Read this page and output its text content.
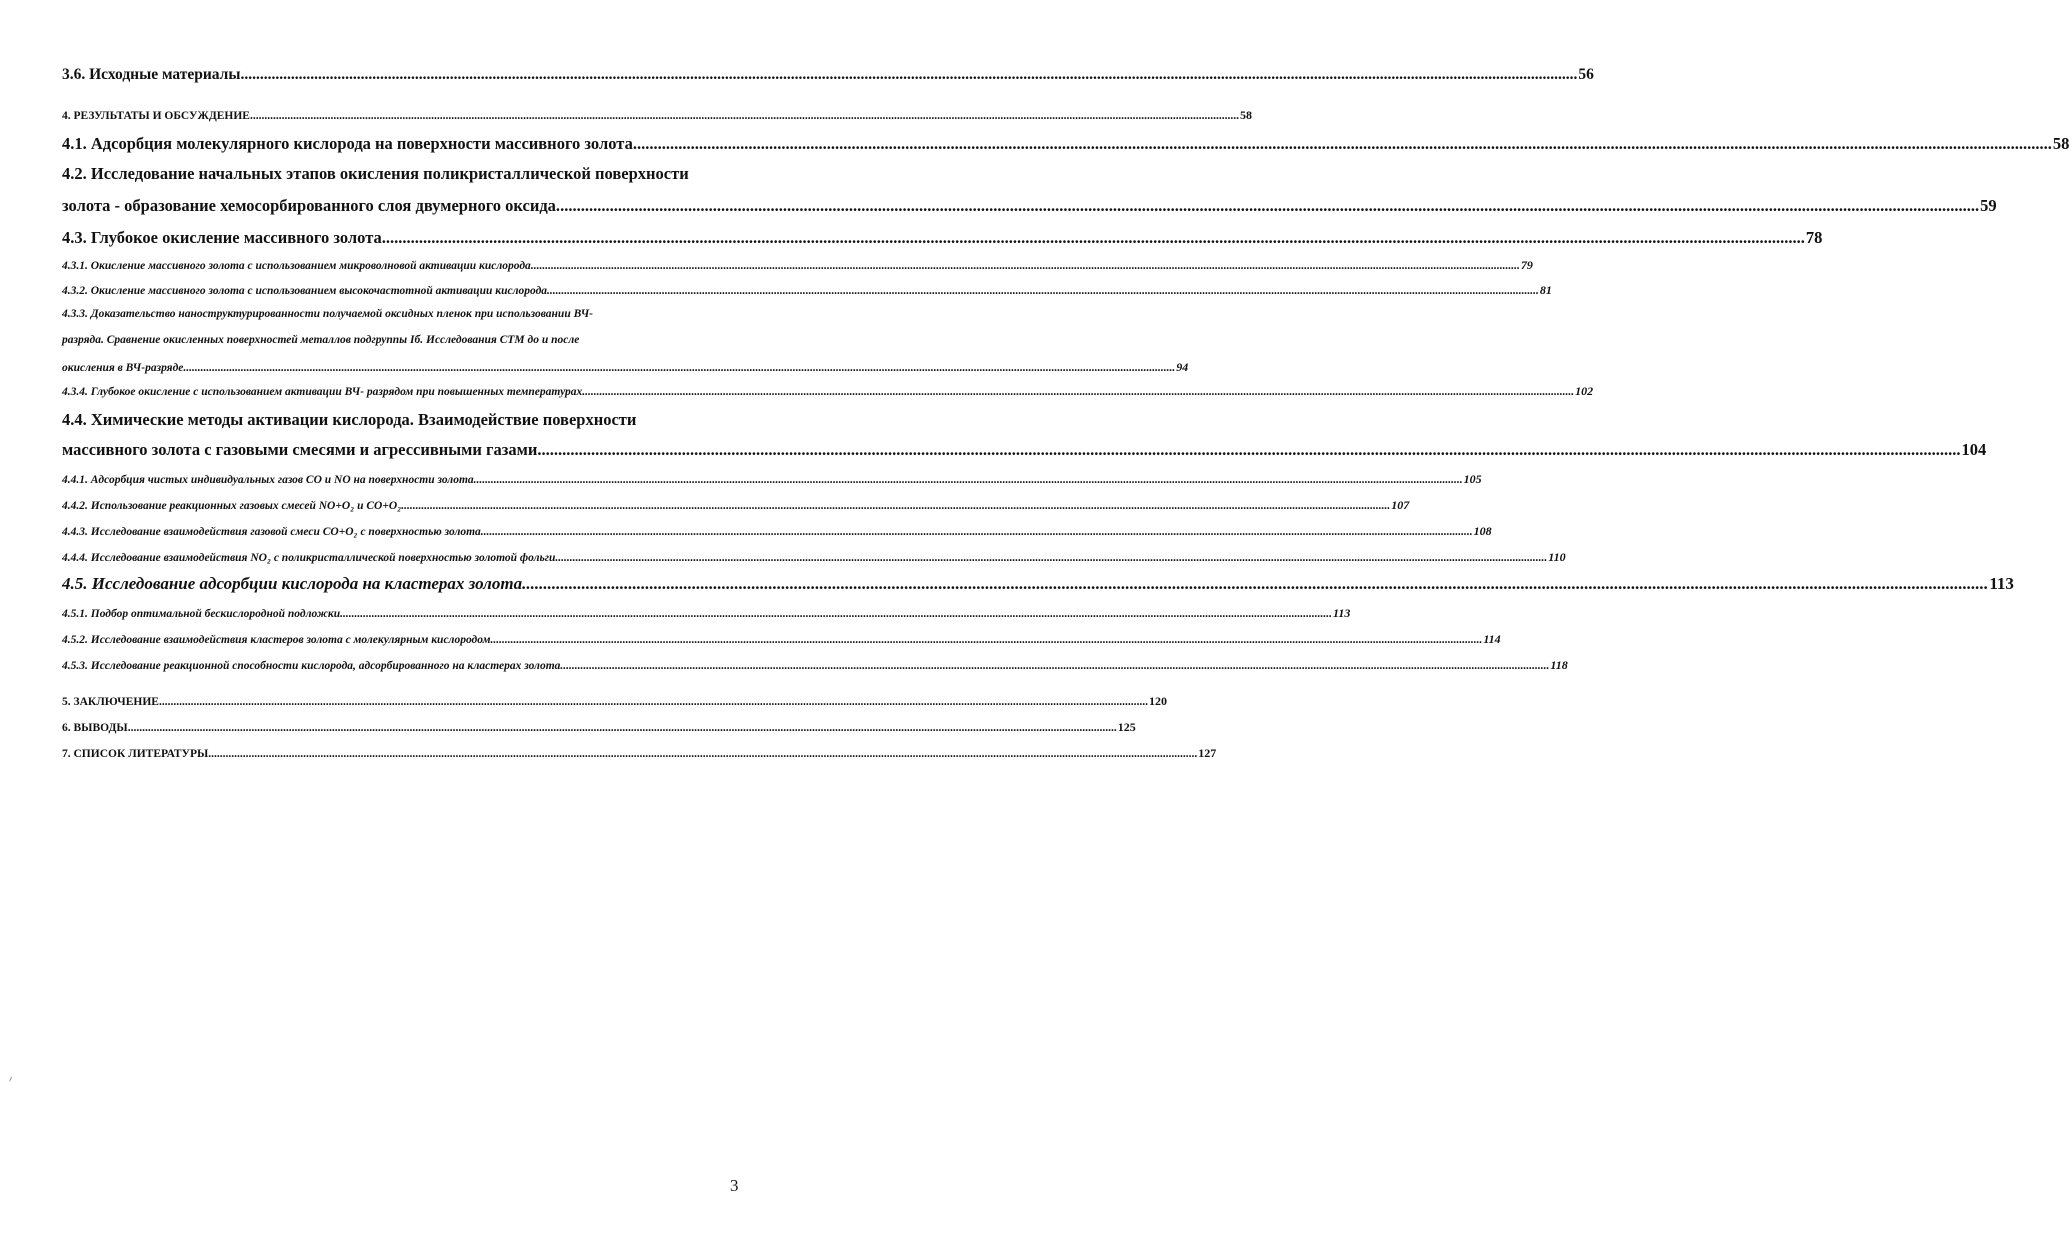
3.6. Исходные материалы. .....	56
4. РЕЗУЛЬТАТЫ И ОБСУЖДЕНИЕ .....	58
4.1. Адсорбция молекулярного кислорода на поверхности массивного золота .....	58
4.2. Исследование начальных этапов окисления поликристаллической поверхности
золота - образование хемосорбированного слоя двумерного оксида. .....	59
4.3. Глубокое окисление массивного золота. .....	78
4.3.1. Окисление массивного золота с использованием микроволновой активации кислорода .....	79
4.3.2. Окисление массивного золота с использованием высокочастотной активации кислорода. .....	81
4.3.3. Доказательство наноструктурированности получаемой оксидных пленок при использовании ВЧ-
разряда. Сравнение окисленных поверхностей металлов подгруппы Iб. Исследования СТМ до и после
окисления в ВЧ-разряде. .....	94
4.3.4. Глубокое окисление с использованием активации ВЧ- разрядом при повышенных температурах. .....	102
4.4. Химические методы активации кислорода. Взаимодействие поверхности
массивного золота с газовыми смесями и агрессивными газами. .....	104
4.4.1. Адсорбция чистых индивидуальных газов CO и NO на поверхности золота .....	105
4.4.2. Использование реакционных газовых смесей NO+O₂ и CO+O₂ .....	107
4.4.3. Исследование взаимодействия газовой смеси CO+O₂ с поверхностью золота. .....	108
4.4.4. Исследование взаимодействия NO₂ с поликристаллической поверхностью золотой фольги. .....	110
4.5. Исследование адсорбции кислорода на кластерах золота. .....	113
4.5.1. Подбор оптимальной бескислородной подложки. .....	113
4.5.2. Исследование взаимодействия кластеров золота с молекулярным кислородом. .....	114
4.5.3. Исследование реакционной способности кислорода, адсорбированного на кластерах золота .....	118
5. ЗАКЛЮЧЕНИЕ .....	120
6. ВЫВОДЫ .....	125
7. СПИСОК ЛИТЕРАТУРЫ .....	127
3
